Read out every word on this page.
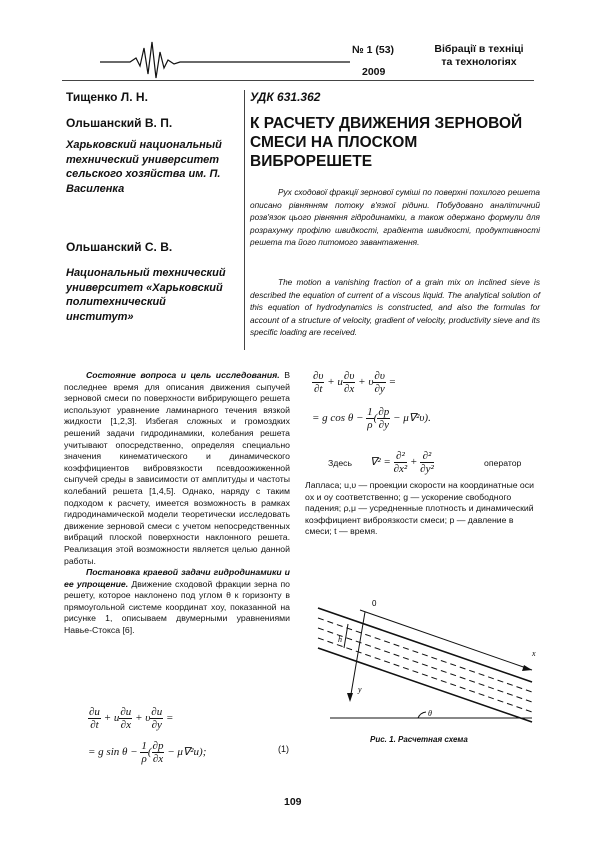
№ 1 (53)
2009
Вібрації в техніці
та технологіях
Тищенко Л. Н.
Ольшанский В. П.
Харьковский национальный технический университет сельского хозяйства им. П. Василенка
Ольшанский С. В.
Национальный технический университет «Харьковский политехнический институт»
УДК 631.362
К РАСЧЕТУ ДВИЖЕНИЯ ЗЕРНОВОЙ СМЕСИ НА ПЛОСКОМ ВИБРОРЕШЕТЕ
Рух сходової фракції зернової суміші по поверхні похилого решета описано рівнянням потоку в'язкої рідини. Побудовано аналітичний розв'язок цього рівняння гідродинаміки, а також одержано формули для розрахунку профілю швидкості, градієнта швидкості, продуктивності решета та його питомого завантаження.
The motion a vanishing fraction of a grain mix on inclined sieve is described the equation of current of a viscous liquid. The analytical solution of this equation of hydrodynamics is constructed, and also the formulas for account of a structure of velocity, gradient of velocity, productivity sieve and its specific loading are received.

Состояние вопроса и цель исследования. В последнее время для описания движения сыпучей зерновой смеси по поверхности вибрирующего решета используют уравнение ламинарного течения вязкой жидкости [1,2,3]. Избегая сложных и громоздких решений задачи гидродинамики, колебания решета учитывают опосредственно, определяя специально значения кинематического и динамического коэффициентов вибровязкости псевдоожиженной сыпучей среды в зависимости от амплитуды и частоты колебаний решета [1,4,5]. Однако, наряду с таким подходом к расчету, имеется возможность в рамках гидродинамической модели теоретически исследовать движение зерновой смеси с учетом непосредственных вибраций плоской поверхности наклонного решета. Реализация этой возможности является целью данной работы.

Постановка краевой задачи гидродинамики и ее упрощение. Движение сходовой фракции зерна по решету, которое наклонено под углом θ к горизонту в прямоугольной системе координат xoy, показанной на рисунке 1, описываем двумерными уравнениями Навье-Стокса [6].

$\frac{\partial u}{\partial t} + u \frac{\partial u}{\partial x} + \upsilon \frac{\partial u}{\partial y}$ =
(1)
= g $\sin \theta - \frac{1}{\rho}$ ( $\frac{\partial p}{\partial x} - \mu\nabla^2u$);
$\frac{\partial\upsilon}{\partial t} + u \frac{\partial\upsilon}{\partial x} + \upsilon \frac{\partial\upsilon}{\partial y}$ =
= g $\cos \theta - \frac{1}{\rho}$ ( $\frac{\partial p}{\partial y} - \mu\nabla^2\upsilon$).
Здесь $\nabla^2 = \frac{\text{∂²}}{\text{∂x²}} + \frac{\text{∂²}}{\text{∂y²}}$	оператор

Лапласа; u,υ — проекции скорости на координатные оси ox и oy соответственно; g — ускорение свободного падения; ρ,μ — усредненные плотность и динамический коэффициент виброязкости смеси; p — давление в смеси; t — время.

0
x
y
h
θ
Рис. 1. Расчетная схема
109
